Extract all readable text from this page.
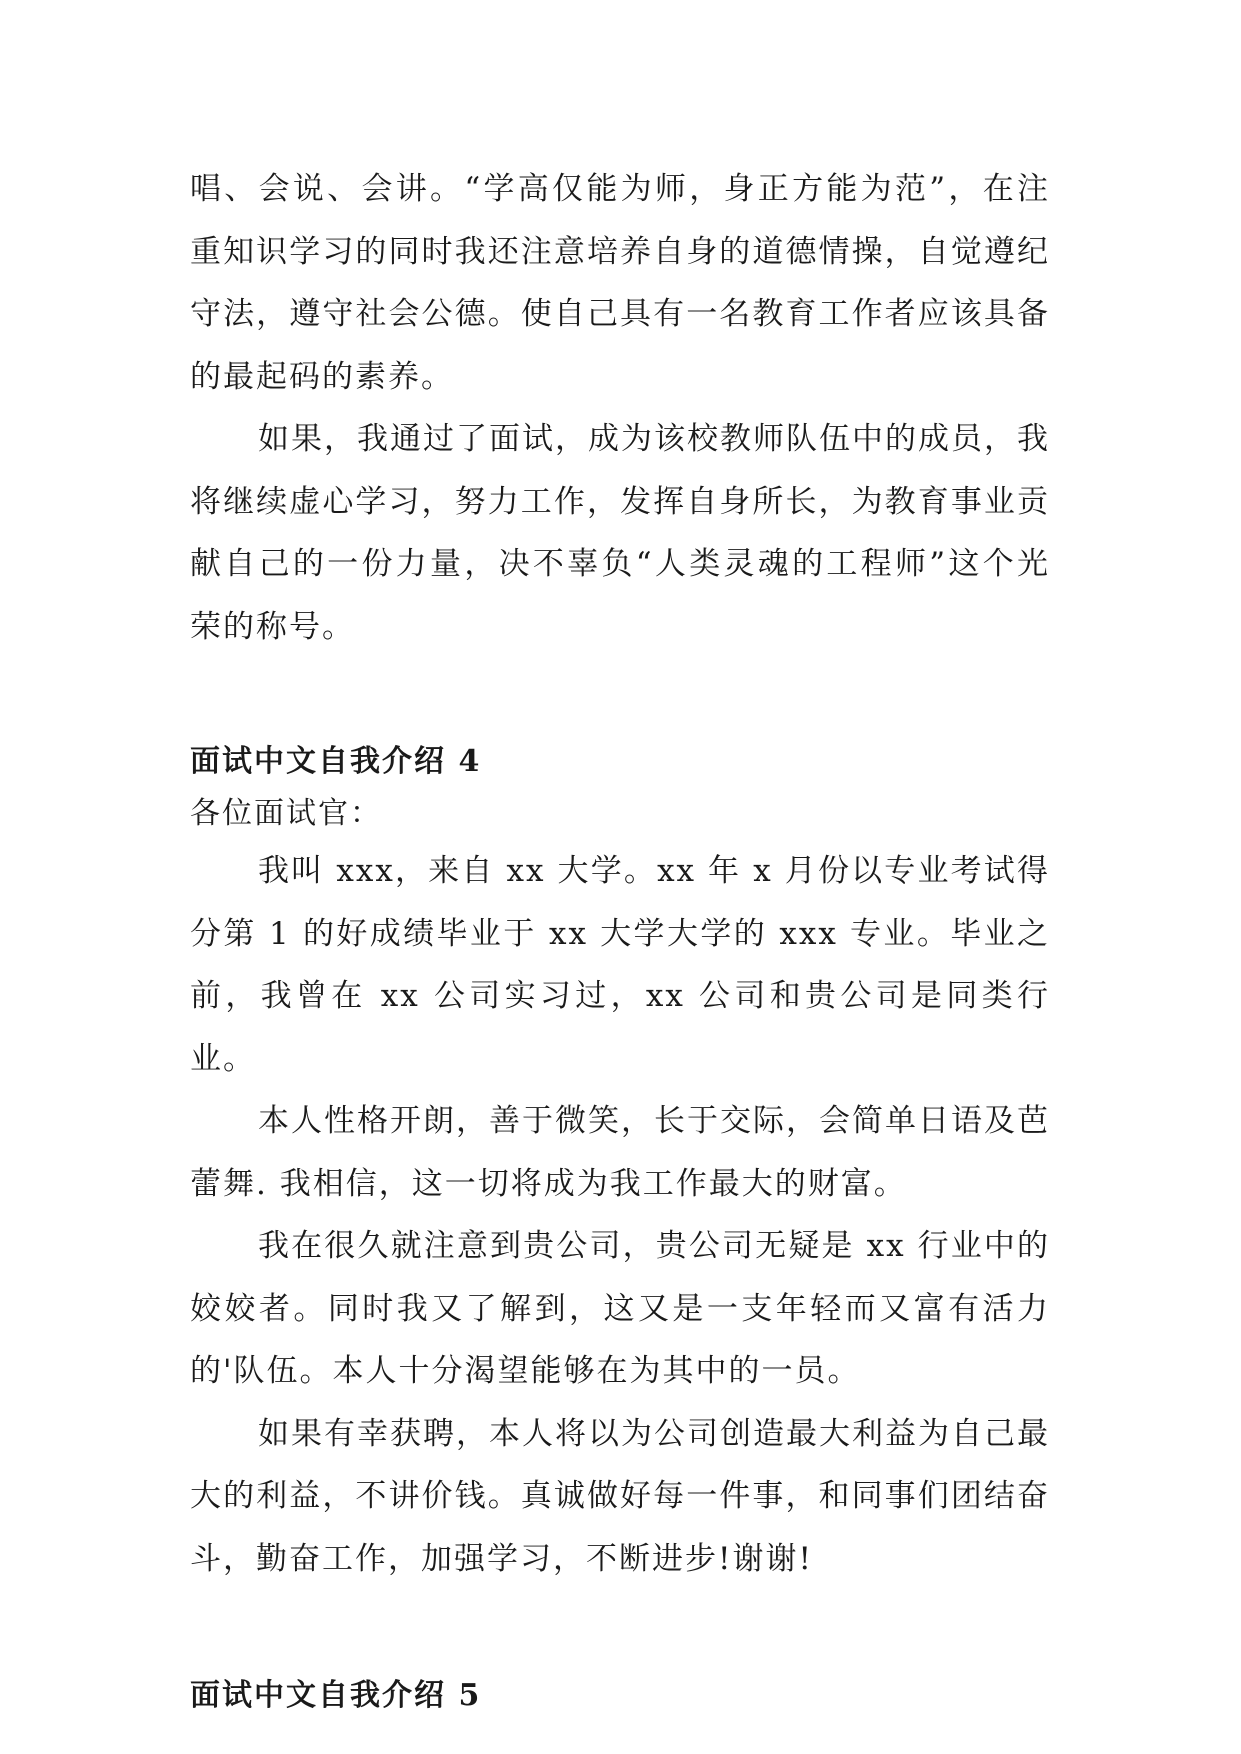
唱、会说、会讲。“学高仅能为师，身正方能为范”，在注重知识学习的同时我还注意培养自身的道德情操，自觉遵纪守法，遵守社会公德。使自己具有一名教育工作者应该具备的最起码的素养。

如果，我通过了面试，成为该校教师队伍中的成员，我将继续虚心学习，努力工作，发挥自身所长，为教育事业贡献自己的一份力量，决不辜负“人类灵魂的工程师”这个光荣的称号。

面试中文自我介绍 4

各位面试官：

我叫 xxx，来自 xx 大学。xx 年 x 月份以专业考试得分第 1 的好成绩毕业于 xx 大学大学的 xxx 专业。毕业之前，我曾在 xx 公司实习过，xx 公司和贵公司是同类行业。

本人性格开朗，善于微笑，长于交际，会简单日语及芭蕾舞. 我相信，这一切将成为我工作最大的财富。

我在很久就注意到贵公司，贵公司无疑是 xx 行业中的姣姣者。同时我又了解到，这又是一支年轻而又富有活力的'队伍。本人十分渴望能够在为其中的一员。

如果有幸获聘，本人将以为公司创造最大利益为自己最大的利益，不讲价钱。真诚做好每一件事，和同事们团结奋斗，勤奋工作，加强学习，不断进步!谢谢!

面试中文自我介绍 5
